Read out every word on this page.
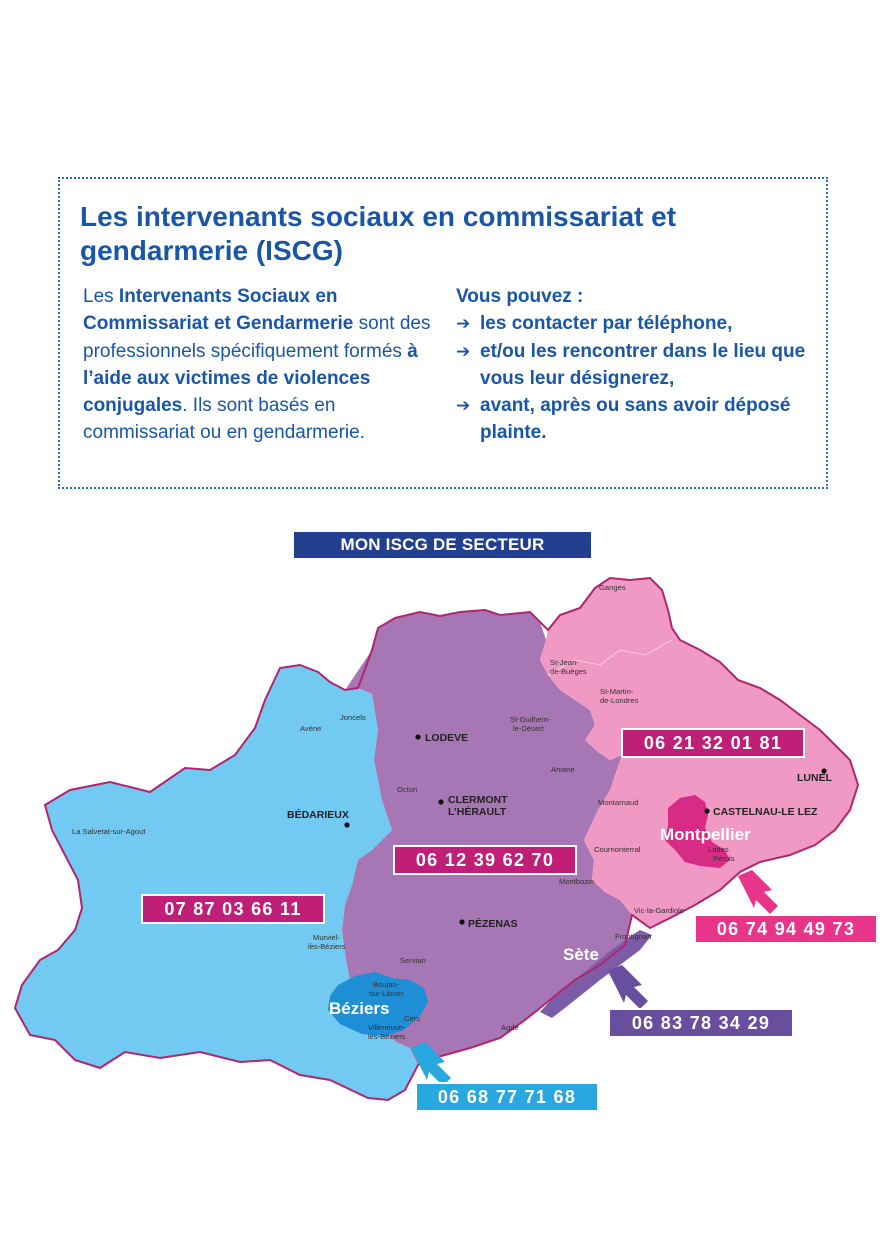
Les intervenants sociaux en commissariat et gendarmerie (ISCG)

Les Intervenants Sociaux en Commissariat et Gendarmerie sont des professionnels spécifiquement formés à l’aide aux victimes de violences conjugales. Ils sont basés en commissariat ou en gendarmerie.

Vous pouvez :
➔ les contacter par téléphone,
➔ et/ou les rencontrer dans le lieu que vous leur désignerez,
➔ avant, après ou sans avoir déposé plainte.
MON ISCG DE SECTEUR
LODEVE
CLERMONT
L’HÉRAULT
BÉDARIEUX
PÉZENAS
LUNEL
CASTELNAU-LE LEZ
Ganges
St-Jean-
de-Buèges
St-Martin-
de-Londres
St-Guilhem-
le-Désert
Joncels
Avène
Aniane
Octon
Montarnaud
Cournonterral	Lattes
Pérols
Montbazin
Vic-la-Gardiole
Frontignan
La Salvetat-sur-Agout
Murviel-
lès-Béziers
Servian
Boujan-
sur-Libron
Cers
Villeneuve-
lès-Béziers
Agde
Montpellier
Béziers
Sète
07 87 03 66 11
06 12 39 62 70
06 21 32 01 81
06 74 94 49 73
06 83 78 34 29
06 68 77 71 68
